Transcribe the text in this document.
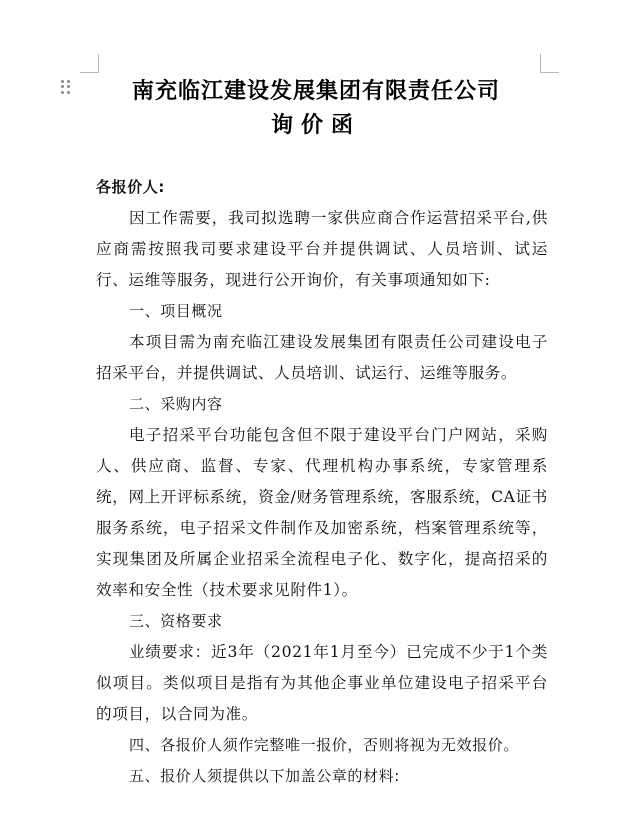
南充临江建设发展集团有限责任公司
询价函

各报价人:

因工作需要，我司拟选聘一家供应商合作运营招采平台,供应商需按照我司要求建设平台并提供调试、人员培训、试运行、运维等服务，现进行公开询价，有关事项通知如下:

一、项目概况

本项目需为南充临江建设发展集团有限责任公司建设电子招采平台，并提供调试、人员培训、试运行、运维等服务。

二、采购内容

电子招采平台功能包含但不限于建设平台门户网站，采购人、供应商、监督、专家、代理机构办事系统，专家管理系统，网上开评标系统，资金/财务管理系统，客服系统，CA证书服务系统，电子招采文件制作及加密系统，档案管理系统等，实现集团及所属企业招采全流程电子化、数字化，提高招采的效率和安全性（技术要求见附件1）。

三、资格要求

业绩要求：近3年（2021年1月至今）已完成不少于1个类似项目。类似项目是指有为其他企事业单位建设电子招采平台的项目，以合同为准。

四、各报价人须作完整唯一报价，否则将视为无效报价。

五、报价人须提供以下加盖公章的材料:
